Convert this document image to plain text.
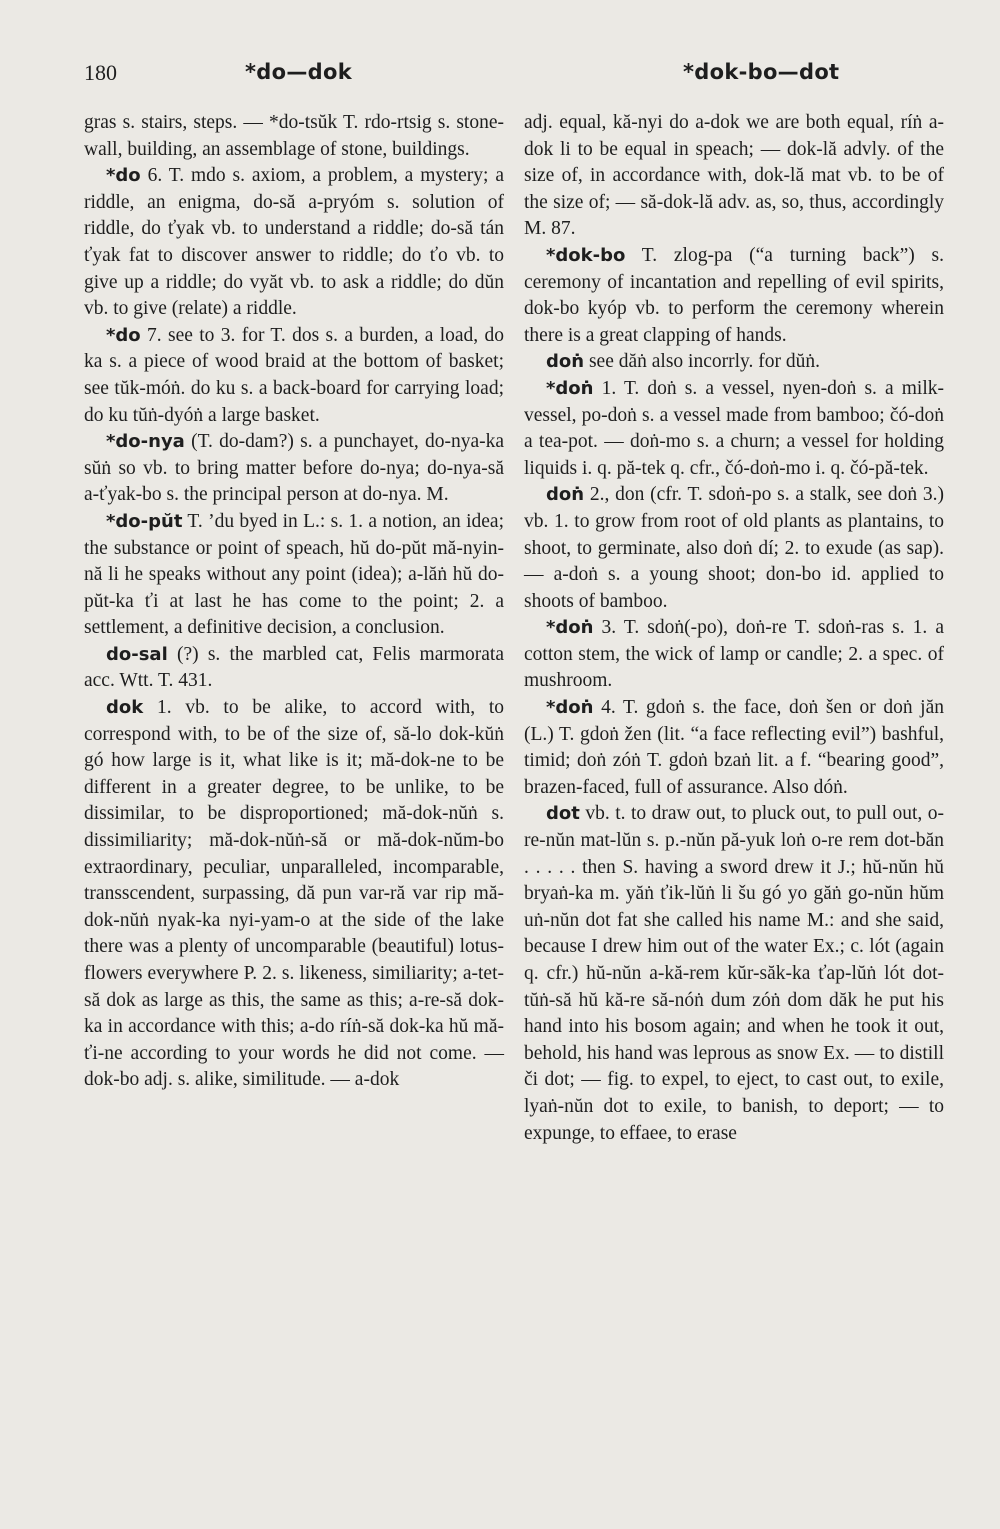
180	*do—dok	*dok-bo—dot

gras s. stairs, steps. — *do-tsŭk T. rdo-rtsig s. stone-wall, building, an assemblage of stone, buildings.

*do 6. T. mdo s. axiom, a problem, a mystery; a riddle, an enigma, do-să a-pryóm s. solution of riddle, do ťyak vb. to understand a riddle; do-să tán ťyak fat to discover answer to riddle; do ťo vb. to give up a riddle; do vyăt vb. to ask a riddle; do dŭn vb. to give (relate) a riddle.

*do 7. see to 3. for T. dos s. a burden, a load, do ka s. a piece of wood braid at the bottom of basket; see tŭk-móṅ. do ku s. a back-board for carrying load; do ku tŭṅ-dyóṅ a large basket.

*do-nya (T. do-dam?) s. a punchayet, do-nya-ka sŭṅ so vb. to bring matter before do-nya; do-nya-să a-ťyak-bo s. the principal person at do-nya. M.

*do-pŭt T. ’du byed in L.: s. 1. a notion, an idea; the substance or point of speach, hŭ do-pŭt mă-nyin-nă li he speaks without any point (idea); a-lăṅ hŭ do-pŭt-ka ťi at last he has come to the point; 2. a settlement, a definitive decision, a conclusion.

do-sal (?) s. the marbled cat, Felis marmorata acc. Wtt. T. 431.

dok 1. vb. to be alike, to accord with, to correspond with, to be of the size of, să-lo dok-kŭṅ gó how large is it, what like is it; mă-dok-ne to be different in a greater degree, to be unlike, to be dissimilar, to be disproportioned; mă-dok-nŭṅ s. dissimiliarity; mă-dok-nŭṅ-să or mă-dok-nŭm-bo extraordinary, peculiar, unparalleled, incomparable, transscendent, surpassing, dă pun var-ră var rip mă-dok-nŭṅ nyak-ka nyi-yam-o at the side of the lake there was a plenty of uncomparable (beautiful) lotus-flowers everywhere P. 2. s. likeness, similiarity; a-tet-să dok as large as this, the same as this; a-re-să dok-ka in accordance with this; a-do ríṅ-să dok-ka hŭ mă-ťi-ne according to your words he did not come. — dok-bo adj. s. alike, similitude. — a-dok

adj. equal, kă-nyi do a-dok we are both equal, ríṅ a-dok li to be equal in speach; — dok-lă advly. of the size of, in accordance with, dok-lă mat vb. to be of the size of; — să-dok-lă adv. as, so, thus, accordingly M. 87.

*dok-bo T. zlog-pa (“a turning back”) s. ceremony of incantation and repelling of evil spirits, dok-bo kyóp vb. to perform the ceremony wherein there is a great clapping of hands.

doṅ see dăṅ also incorrly. for dŭṅ.

*doṅ 1. T. doṅ s. a vessel, nyen-doṅ s. a milk-vessel, po-doṅ s. a vessel made from bamboo; čó-doṅ a tea-pot. — doṅ-mo s. a churn; a vessel for holding liquids i. q. pă-tek q. cfr., čó-doṅ-mo i. q. čó-pă-tek.

doṅ 2., don (cfr. T. sdoṅ-po s. a stalk, see doṅ 3.) vb. 1. to grow from root of old plants as plantains, to shoot, to germinate, also doṅ dí; 2. to exude (as sap). — a-doṅ s. a young shoot; don-bo id. applied to shoots of bamboo.

*doṅ 3. T. sdoṅ(-po), doṅ-re T. sdoṅ-ras s. 1. a cotton stem, the wick of lamp or candle; 2. a spec. of mushroom.

*doṅ 4. T. gdoṅ s. the face, doṅ šen or doṅ jăn (L.) T. gdoṅ žen (lit. “a face reflecting evil”) bashful, timid; doṅ zóṅ T. gdoṅ bzaṅ lit. a f. “bearing good”, brazen-faced, full of assurance. Also dóṅ.

dot vb. t. to draw out, to pluck out, to pull out, o-re-nŭn mat-lŭn s. p.-nŭn pă-yuk loṅ o-re rem dot-băn . . . . . then S. having a sword drew it J.; hŭ-nŭn hŭ bryaṅ-ka m. yăṅ ťik-lŭṅ li šu gó yo găṅ go-nŭn hŭm uṅ-nŭn dot fat she called his name M.: and she said, because I drew him out of the water Ex.; c. lót (again q. cfr.) hŭ-nŭn a-kă-rem kŭr-săk-ka ťap-lŭṅ lót dot-tŭṅ-să hŭ kă-re să-nóṅ dum zóṅ dom dăk he put his hand into his bosom again; and when he took it out, behold, his hand was leprous as snow Ex. — to distill či dot; — fig. to expel, to eject, to cast out, to exile, lyaṅ-nŭn dot to exile, to banish, to deport; — to expunge, to effaee, to erase
